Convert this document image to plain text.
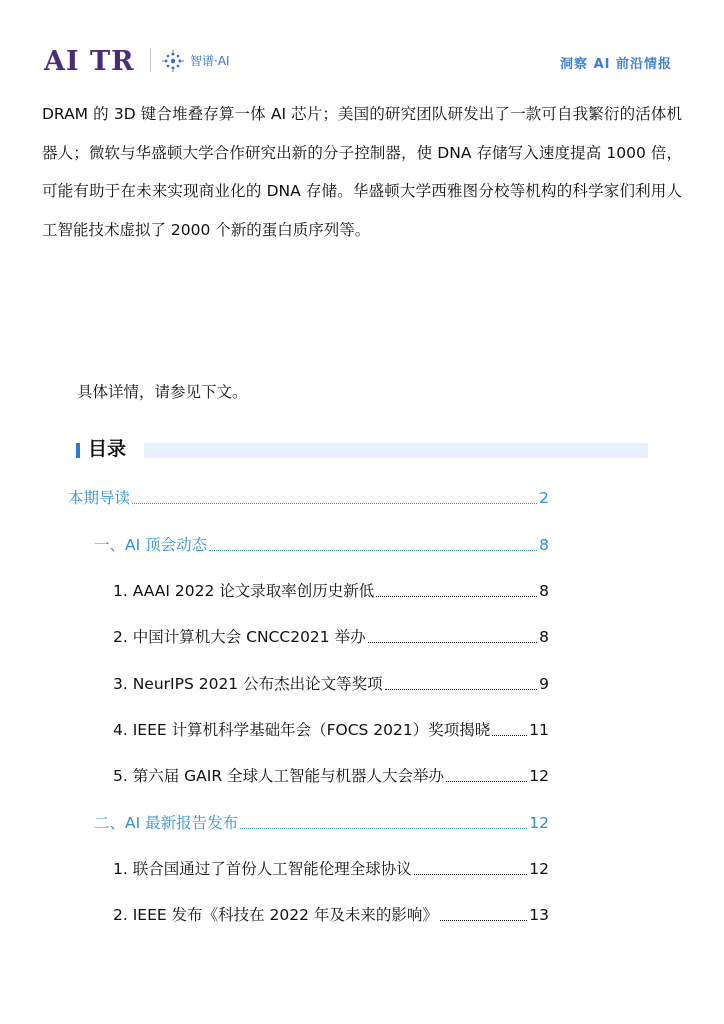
AI TR	智谱·AI	洞察 AI 前沿情报
DRAM 的 3D 键合堆叠存算一体 AI 芯片；美国的研究团队研发出了一款可自我繁衍的活体机器人；微软与华盛顿大学合作研究出新的分子控制器，使 DNA 存储写入速度提高 1000 倍，可能有助于在未来实现商业化的 DNA 存储。华盛顿大学西雅图分校等机构的科学家们利用人工智能技术虚拟了 2000 个新的蛋白质序列等。
具体详情，请参见下文。
目录
本期导读	2
一、AI 顶会动态	8
1. AAAI 2022 论文录取率创历史新低	8
2. 中国计算机大会 CNCC2021 举办	8
3. NeurIPS 2021 公布杰出论文等奖项	9
4. IEEE 计算机科学基础年会（FOCS 2021）奖项揭晓	11
5. 第六届 GAIR 全球人工智能与机器人大会举办	12
二、AI 最新报告发布	12
1. 联合国通过了首份人工智能伦理全球协议	12
2. IEEE 发布《科技在 2022 年及未来的影响》	13
